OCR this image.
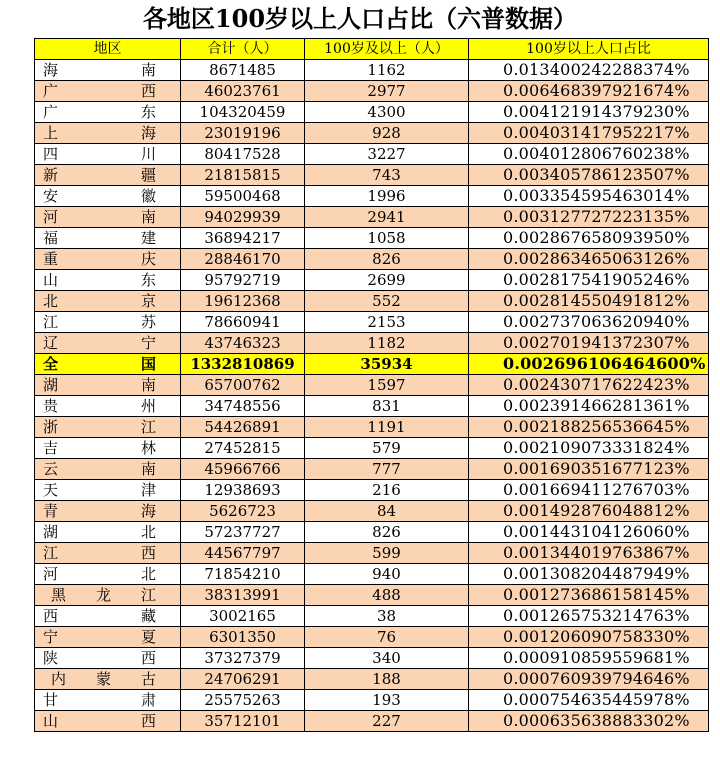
各地区100岁以上人口占比（六普数据）
地区	合计（人）	100岁及以上（人）	100岁以上人口占比

海 南	8671485	1162	0.013400242288374%

广 西	46023761	2977	0.006468397921674%

广 东	104320459	4300	0.004121914379230%

上 海	23019196	928	0.004031417952217%

四 川	80417528	3227	0.004012806760238%

新 疆	21815815	743	0.003405786123507%

安 徽	59500468	1996	0.003354595463014%

河 南	94029939	2941	0.003127727223135%

福 建	36894217	1058	0.002867658093950%

重 庆	28846170	826	0.002863465063126%

山 东	95792719	2699	0.002817541905246%

北 京	19612368	552	0.002814550491812%

江 苏	78660941	2153	0.002737063620940%

辽 宁	43746323	1182	0.002701941372307%

全 国	1332810869	35934	0.002696106464600%

湖 南	65700762	1597	0.002430717622423%

贵 州	34748556	831	0.002391466281361%

浙 江	54426891	1191	0.002188256536645%

吉 林	27452815	579	0.002109073331824%

云 南	45966766	777	0.001690351677123%

天 津	12938693	216	0.001669411276703%

青 海	5626723	84	0.001492876048812%

湖 北	57237727	826	0.001443104126060%

江 西	44567797	599	0.001344019763867%

河 北	71854210	940	0.001308204487949%

黑 龙 江	38313991	488	0.001273686158145%

西 藏	3002165	38	0.001265753214763%

宁 夏	6301350	76	0.001206090758330%

陕 西	37327379	340	0.000910859559681%

内 蒙 古	24706291	188	0.000760939794646%

甘 肃	25575263	193	0.000754635445978%

山 西	35712101	227	0.000635638883302%
